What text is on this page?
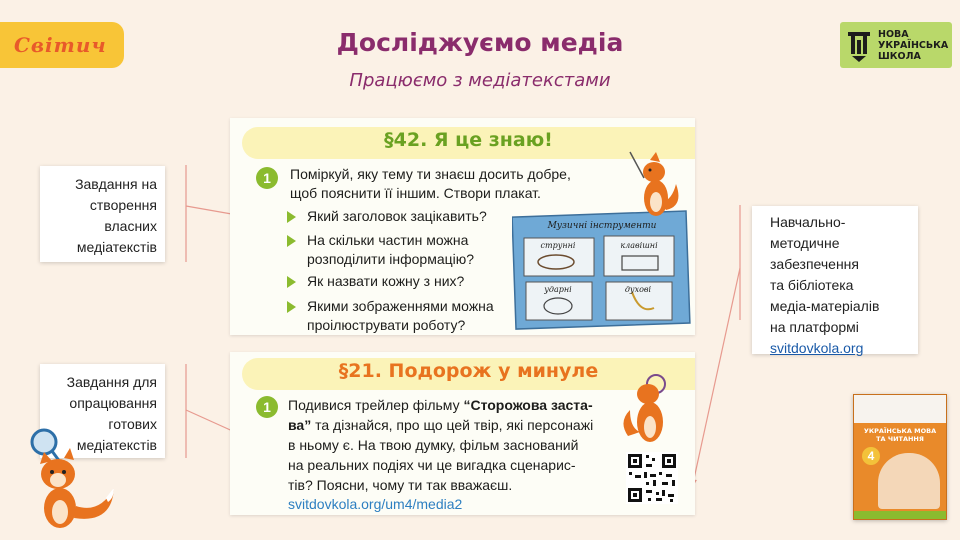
Світич	Досліджуємо медіа
Працюємо з медіатекстами
НОВА
УКРАЇНСЬКА
ШКОЛА
Завдання на
створення
власних
медіатекстів
Завдання для
опрацювання
готових
медіатекстів
Навчально-
методичне
забезпечення
та бібліотека
медіа-матеріалів
на платформі
svitdovkola.org
§42. Я це знаю!
1	Поміркуй, яку тему ти знаєш досить добре,
щоб пояснити її іншим. Створи плакат.
Який заголовок зацікавить?
На скільки частин можна
розподілити інформацію?
Як назвати кожну з них?
Якими зображеннями можна
проілюструвати роботу?
Музичні інструменти
струнні	клавішні
ударні	духові
§21. Подорож у минуле
1	Подивися трейлер фільму “Сторожова заста-
ва” та дізнайся, про що цей твір, які персонажі
в ньому є. На твою думку, фільм заснований
на реальних подіях чи це вигадка сценарис-
тів? Поясни, чому ти так вважаєш.
svitdovkola.org/um4/media2
УКРАЇНСЬКА МОВА
ТА ЧИТАННЯ
4
